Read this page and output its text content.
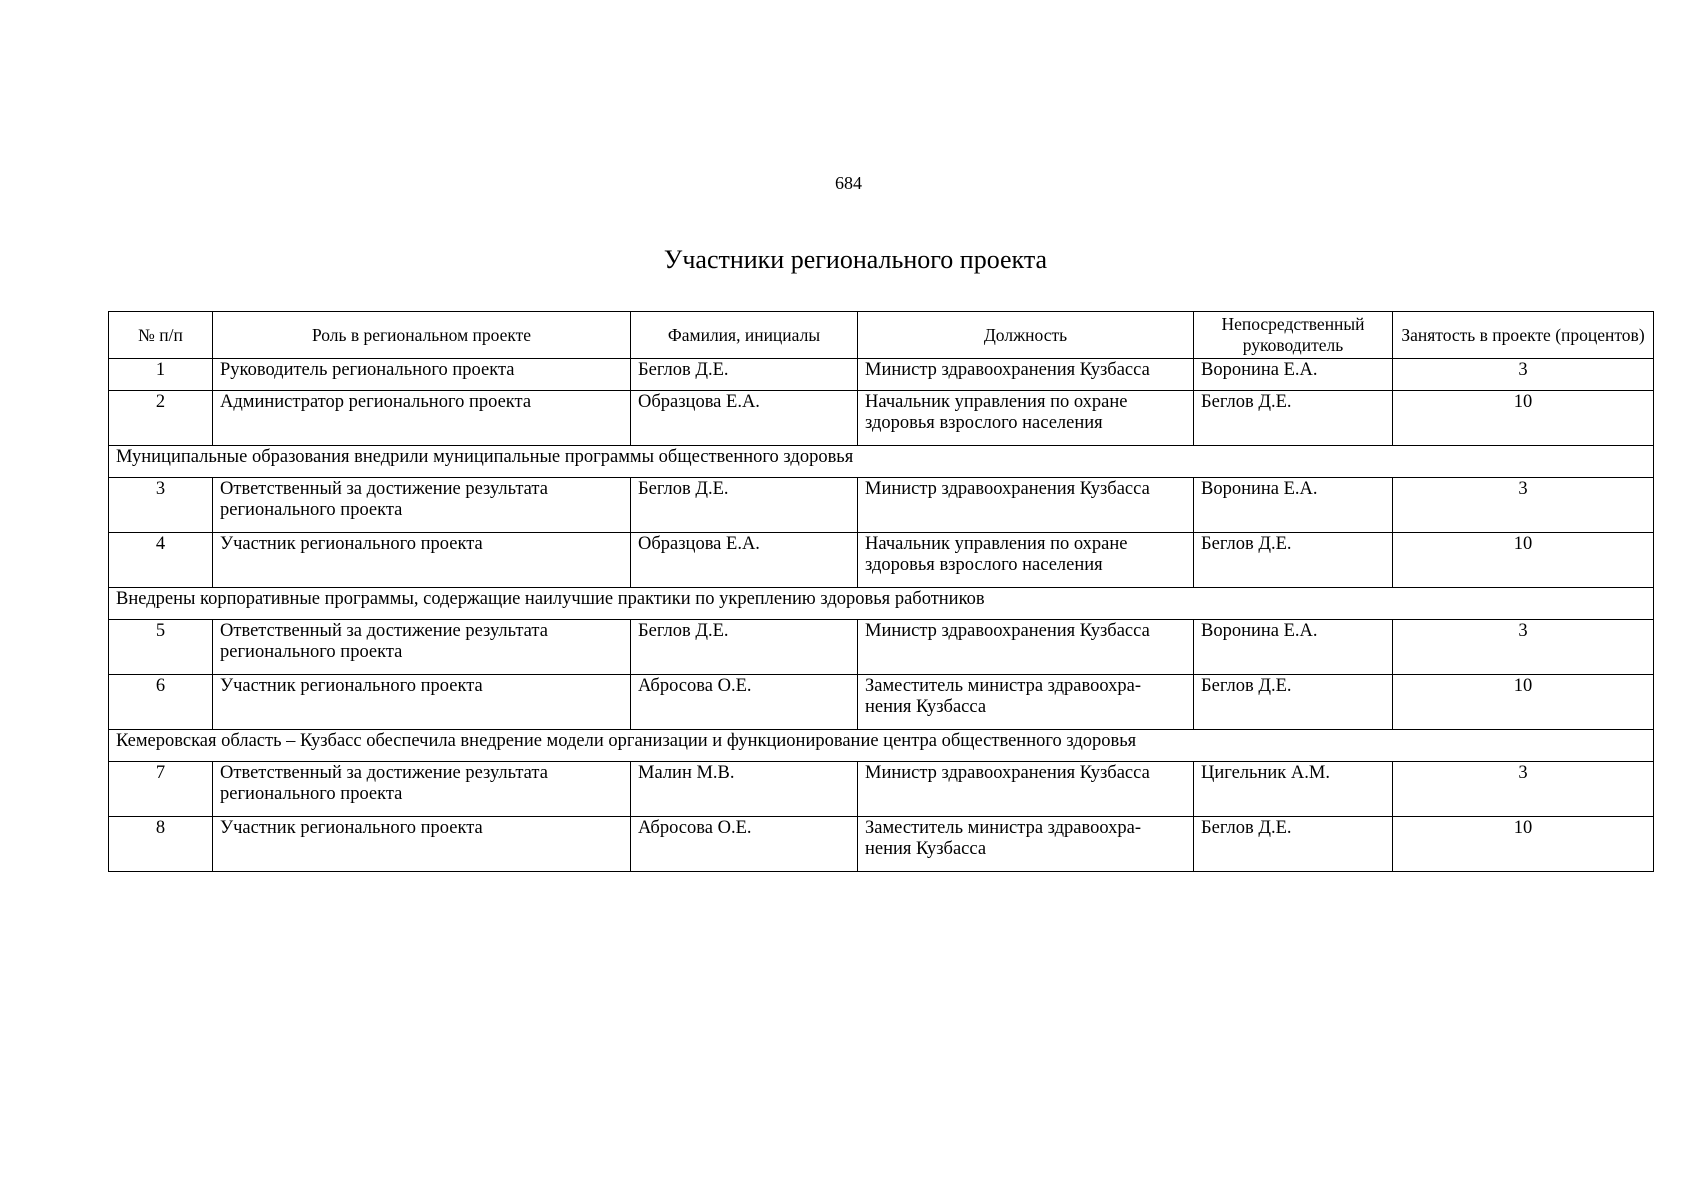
684
Участники регионального проекта
№ п/п	Роль в региональном проекте	Фамилия, инициалы	Должность	Непосредственный руководитель	Занятость в проекте (процентов)
1	Руководитель регионального проекта	Беглов Д.Е.	Министр здравоохранения Кузбасса	Воронина Е.А.	3
2	Администратор регионального проекта	Образцова Е.А.	Начальник управления по охране здоровья взрослого населения	Беглов Д.Е.	10
Муниципальные образования внедрили муниципальные программы общественного здоровья					
3	Ответственный за достижение результата регионального проекта	Беглов Д.Е.	Министр здравоохранения Кузбасса	Воронина Е.А.	3
4	Участник регионального проекта	Образцова Е.А.	Начальник управления по охране здоровья взрослого населения	Беглов Д.Е.	10
Внедрены корпоративные программы, содержащие наилучшие практики по укреплению здоровья работников					
5	Ответственный за достижение результата регионального проекта	Беглов Д.Е.	Министр здравоохранения Кузбасса	Воронина Е.А.	3
6	Участник регионального проекта	Абросова О.Е.	Заместитель министра здравоохра-нения Кузбасса	Беглов Д.Е.	10
Кемеровская область – Кузбасс обеспечила внедрение модели организации и функционирование центра общественного здоровья					
7	Ответственный за достижение результата регионального проекта	Малин М.В.	Министр здравоохранения Кузбасса	Цигельник А.М.	3
8	Участник регионального проекта	Абросова О.Е.	Заместитель министра здравоохра-нения Кузбасса	Беглов Д.Е.	10
